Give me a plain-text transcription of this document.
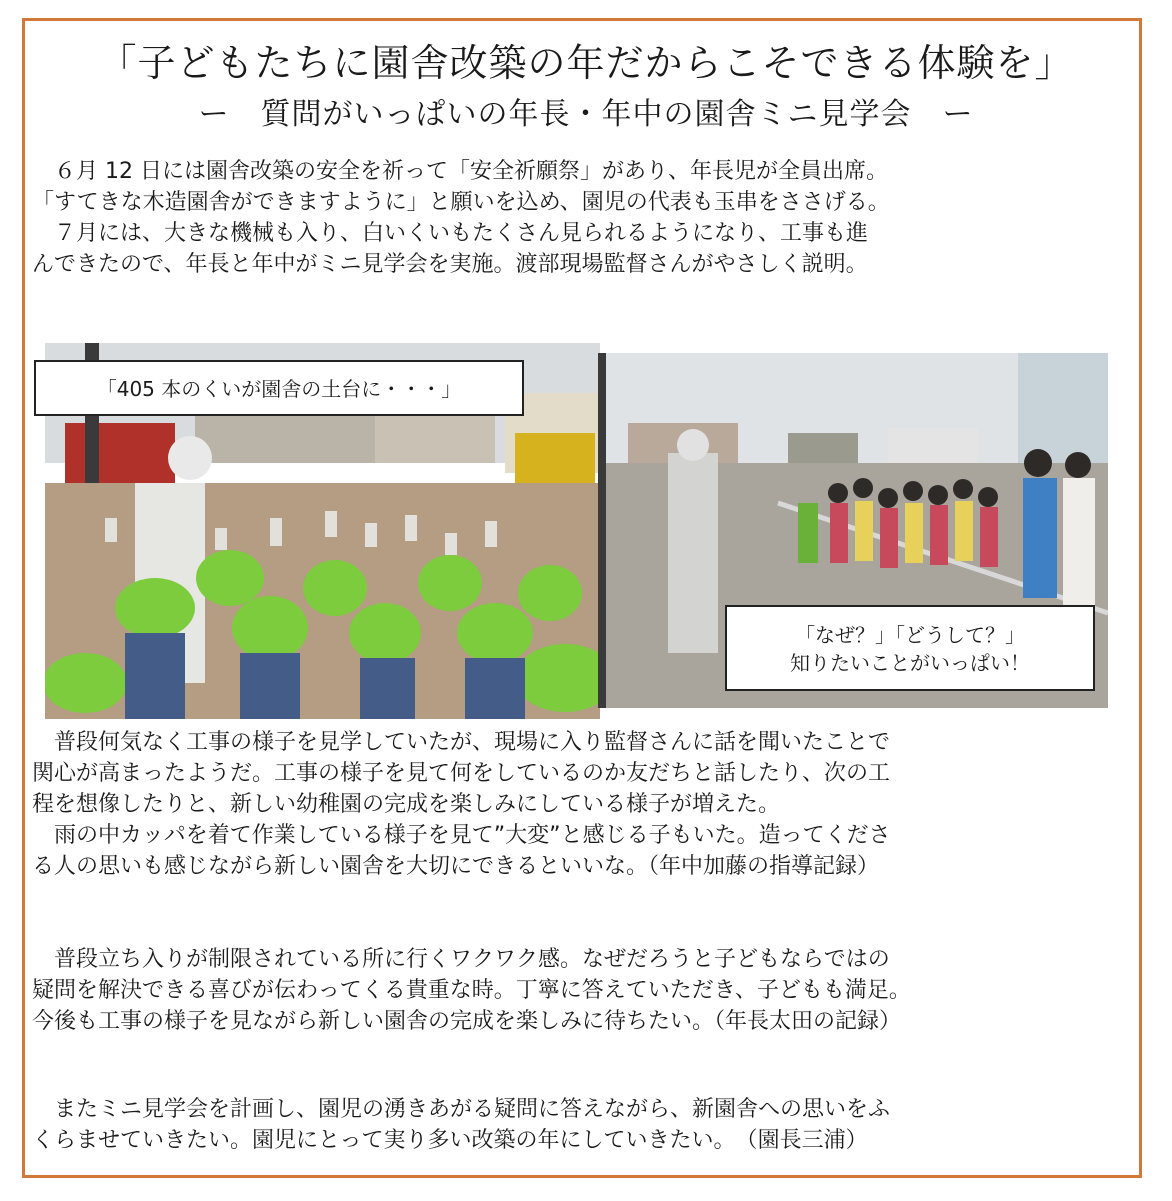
「子どもたちに園舎改築の年だからこそできる体験を」
ー　質問がいっぱいの年長・年中の園舎ミニ見学会　ー
６月 12 日には園舎改築の安全を祈って「安全祈願祭」があり、年長児が全員出席。
「すてきな木造園舎ができますように」と願いを込め、園児の代表も玉串をささげる。
７月には、大きな機械も入り、白いくいもたくさん見られるようになり、工事も進
んできたので、年長と年中がミニ見学会を実施。渡部現場監督さんがやさしく説明。
「405 本のくいが園舎の土台に・・・」
「なぜ？」「どうして？」
知りたいことがいっぱい！
普段何気なく工事の様子を見学していたが、現場に入り監督さんに話を聞いたことで
関心が高まったようだ。工事の様子を見て何をしているのか友だちと話したり、次の工
程を想像したりと、新しい幼稚園の完成を楽しみにしている様子が増えた。
雨の中カッパを着て作業している様子を見て”大変”と感じる子もいた。造ってくださ
る人の思いも感じながら新しい園舎を大切にできるといいな。（年中加藤の指導記録）
普段立ち入りが制限されている所に行くワクワク感。なぜだろうと子どもならではの
疑問を解決できる喜びが伝わってくる貴重な時。丁寧に答えていただき、子どもも満足。
今後も工事の様子を見ながら新しい園舎の完成を楽しみに待ちたい。（年長太田の記録）
またミニ見学会を計画し、園児の湧きあがる疑問に答えながら、新園舎への思いをふ
くらませていきたい。園児にとって実り多い改築の年にしていきたい。　（園長三浦）
